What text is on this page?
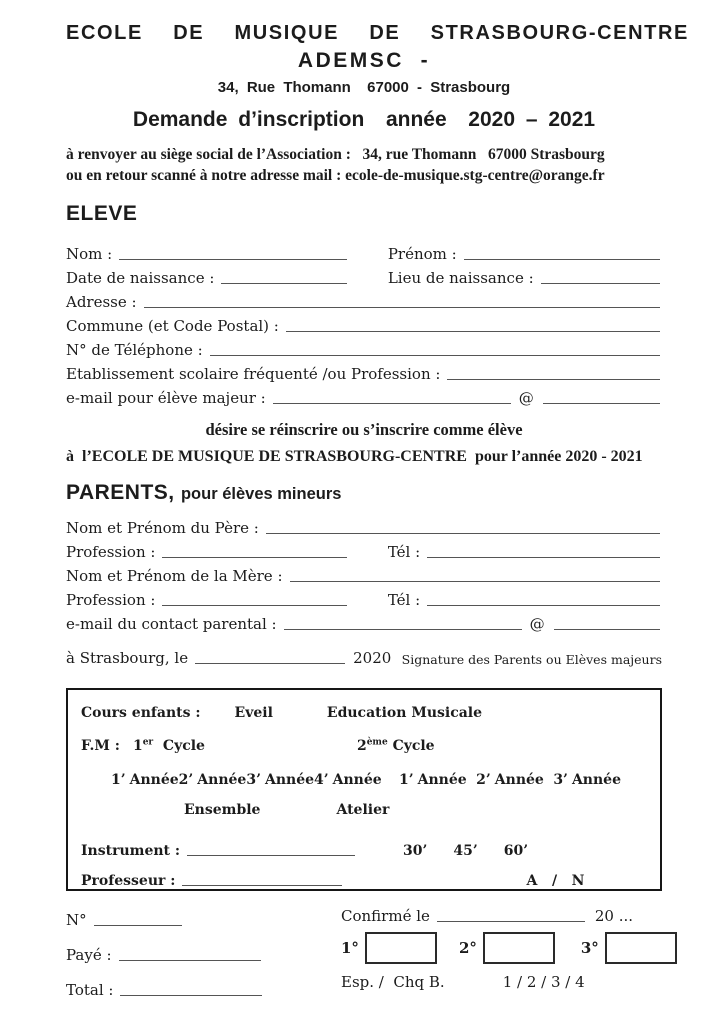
ECOLE  DE  MUSIQUE  DE  STRASBOURG-CENTRE
ADEMSC  -
34, Rue Thomann  67000 - Strasbourg
Demande d’inscription  année  2020 – 2021
à renvoyer au siège social de l’Association :   34, rue Thomann   67000 Strasbourg
ou en retour scanné à notre adresse mail : ecole-de-musique.stg-centre@orange.fr
ELEVE
Nom :	Prénom :
Date de naissance :	Lieu de naissance :
Adresse :
Commune (et Code Postal) :
N° de Téléphone :
Etablissement scolaire fréquenté /ou Profession :
e-mail pour élève majeur :	@
désire se réinscrire ou s’inscrire comme élève
à  l’ECOLE DE MUSIQUE DE STRASBOURG-CENTRE  pour l’année 2020 - 2021
PARENTS, pour élèves mineurs
Nom et Prénom du Père :
Profession :	Tél :
Nom et Prénom de la Mère :
Profession :	Tél :
e-mail du contact parental :	@
à Strasbourg, le	2020 Signature des Parents ou Elèves majeurs
Cours enfants : Eveil	Education Musicale
F.M : 1er Cycle	2ème Cycle
1’ Année 2’ Année 3’ Année 4’ Année 1’ Année 2’ Année 3’ Année
Ensemble	Atelier
Instrument :	30’ 45’ 60’
Professeur :	A   /   N
N°
Payé :
Total :
Confirmé le	20 ...
1°	2°	3°
Esp. /  Chq B.	1 / 2 / 3 / 4
